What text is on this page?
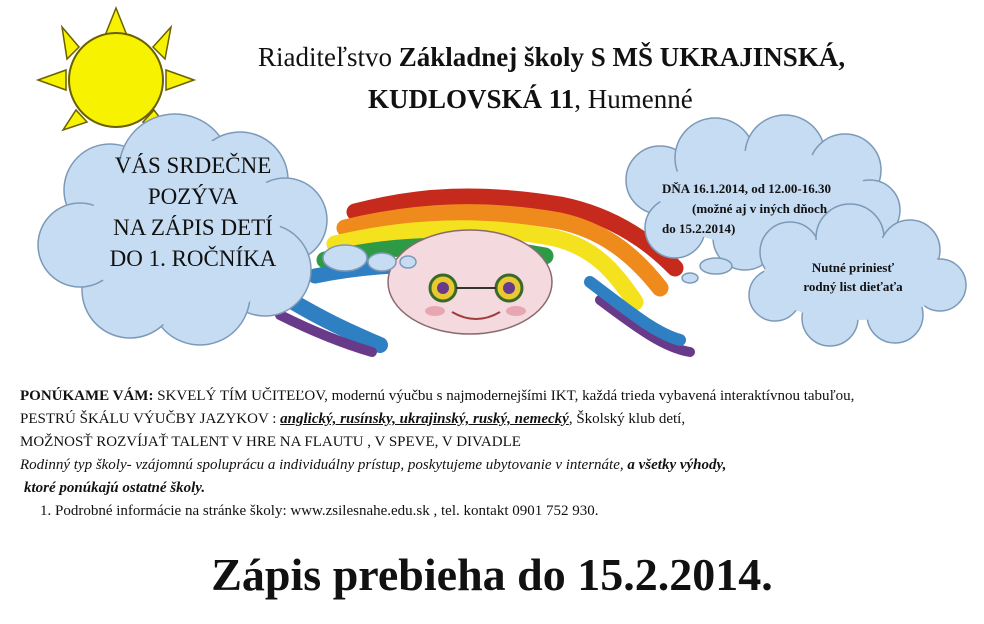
Riaditeľstvo Základnej školy S MŠ UKRAJINSKÁ,
KUDLOVSKÁ 11, Humenné
VÁS SRDEČNE
POZÝVA
NA ZÁPIS DETÍ
DO 1. ROČNÍKA
DŇA 16.1.2014, od 12.00-16.30
(možné aj v iných dňoch
do 15.2.2014)
Nutné priniesť
rodný list dieťaťa
PONÚKAME VÁM: SKVELÝ TÍM UČITEĽOV, modernú výučbu s najmodernejšími IKT, každá trieda vybavená interaktívnou tabuľou,
PESTRÚ ŠKÁLU VÝUČBY JAZYKOV : anglický, rusínsky, ukrajinský, ruský, nemecký, Školský klub detí,
MOŽNOSŤ ROZVÍJAŤ TALENT V HRE NA FLAUTU , V SPEVE, V DIVADLE
Rodinný typ školy- vzájomnú spoluprácu a individuálny prístup, poskytujeme ubytovanie v internáte, a všetky výhody,
ktoré ponúkajú ostatné školy.
1. Podrobné informácie na stránke školy: www.zsilesnahe.edu.sk , tel. kontakt 0901 752 930.
Zápis prebieha do 15.2.2014.
